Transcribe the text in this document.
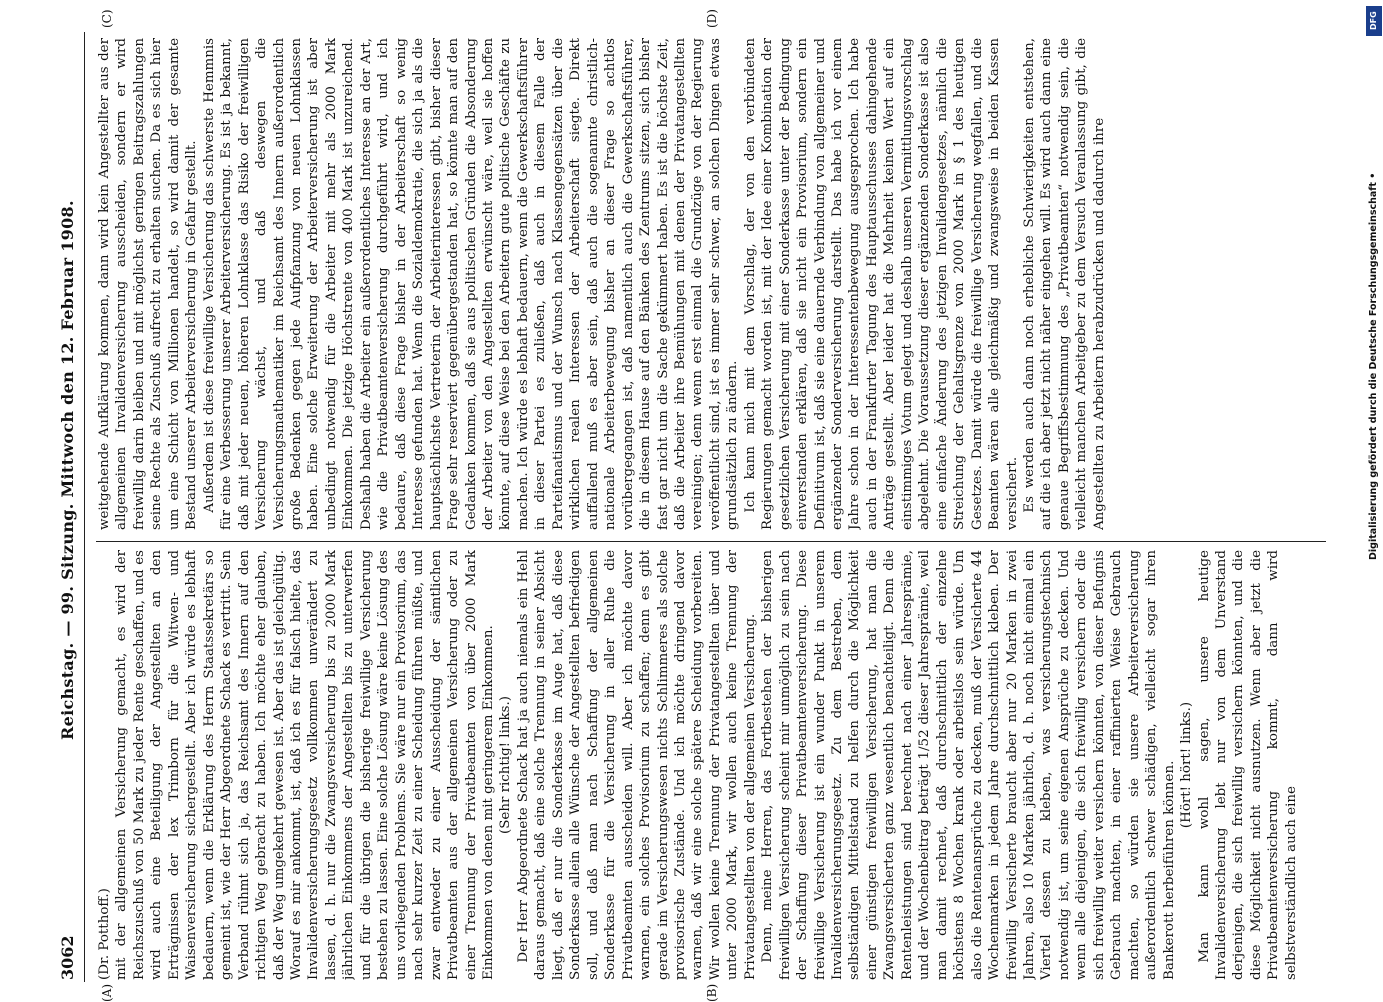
3062
Reichstag. — 99. Sitzung. Mittwoch den 12. Februar 1908.
(A)	(B)

(Dr. Potthoff.) mit der allgemeinen Versicherung gemacht, es wird der Reichszuschuß von 50 Mark zu jeder Rente geschaffen, und es wird auch eine Beteiligung der Angestellten an den Erträgnissen der lex Trimborn für die Witwen- und Waisenversicherung sichergestellt. Aber ich würde es lebhaft bedauern, wenn die Erklärung des Herrn Staatssekretärs so gemeint ist, wie der Herr Abgeordnete Schack es vertritt. Sein Verband rühmt sich ja, das Reichsamt des Innern auf den richtigen Weg gebracht zu haben. Ich möchte eher glauben, daß der Weg umgekehrt gewesen ist. Aber das ist gleichgültig. Worauf es mir ankommt, ist, daß ich es für falsch hielte, das Invalidenversicherungsgesetz vollkommen unverändert zu lassen, d. h. nur die Zwangsversicherung bis zu 2000 Mark jährlichen Einkommens der Angestellten bis zu unterwerfen und für die übrigen die bisherige freiwillige Versicherung bestehen zu lassen. Eine solche Lösung wäre keine Lösung des uns vorliegenden Problems. Sie wäre nur ein Provisorium, das nach sehr kurzer Zeit zu einer Scheidung führen müßte, und zwar entweder zu einer Ausscheidung der sämtlichen Privatbeamten aus der allgemeinen Versicherung oder zu einer Trennung der Privatbeamten von über 2000 Mark Einkommen von denen mit geringerem Einkommen. (Sehr richtig! links.) Der Herr Abgeordnete Schack hat ja auch niemals ein Hehl daraus gemacht, daß eine solche Trennung in seiner Absicht liegt, daß er nur die Sonderkasse im Auge hat, daß diese Sonderkasse allein alle Wünsche der Angestellten befriedigen soll, und daß man nach Schaffung der allgemeinen Sonderkasse für die Versicherung in aller Ruhe die Privatbeamten ausscheiden will. Aber ich möchte davor warnen, ein solches Provisorium zu schaffen; denn es gibt gerade im Versicherungswesen nichts Schlimmeres als solche provisorische Zustände. Und ich möchte dringend davor warnen, daß wir eine solche spätere Scheidung vorbereiten. Wir wollen keine Trennung der Privatangestellten über und unter 2000 Mark, wir wollen auch keine Trennung der Privatangestellten von der allgemeinen Versicherung. Denn, meine Herren, das Fortbestehen der bisherigen freiwilligen Versicherung scheint mir unmöglich zu sein nach der Schaffung dieser Privatbeamtenversicherung. Diese freiwillige Versicherung ist ein wunder Punkt in unserem Invalidenversicherungsgesetz. Zu dem Bestreben, dem selbständigen Mittelstand zu helfen durch die Möglichkeit einer günstigen freiwilligen Versicherung, hat man die Zwangsversicherten ganz wesentlich benachteiligt. Denn die Rentenleistungen sind berechnet nach einer Jahresprämie, und der Wochenbeitrag beträgt 1/52 dieser Jahresprämie, weil man damit rechnet, daß durchschnittlich der einzelne höchstens 8 Wochen krank oder arbeitslos sein würde. Um also die Rentenansprüche zu decken, muß der Versicherte 44 Wochenmarken in jedem Jahre durchschnittlich kleben. Der freiwillig Versicherte braucht aber nur 20 Marken in zwei Jahren, also 10 Marken jährlich, d. h. noch nicht einmal ein Viertel dessen zu kleben, was versicherungstechnisch notwendig ist, um seine eigenen Ansprüche zu decken. Und wenn alle diejenigen, die sich freiwillig versichern oder die sich freiwillig weiter versichern könnten, von dieser Befugnis Gebrauch machten, in einer raffinierten Weise Gebrauch machten, so würden sie unsere Arbeiterversicherung außerordentlich schwer schädigen, vielleicht sogar ihren Bankerott herbeiführen können. (Hört! hört! links.) Man kann wohl sagen, unsere heutige Invalidenversicherung lebt nur von dem Unverstand derjenigen, die sich freiwillig versichern könnten, und die diese Möglichkeit nicht ausnutzen. Wenn aber jetzt die Privatbeamtenversicherung kommt, dann wird selbstverständlich auch eine

(C)	(D)

weitgehende Aufklärung kommen, dann wird kein Angestellter aus der allgemeinen Invalidenversicherung ausscheiden, sondern er wird freiwillig darin bleiben und mit möglichst geringen Beitragszahlungen seine Rechte als Zuschuß aufrecht zu erhalten suchen. Da es sich hier um eine Schicht von Millionen handelt, so wird damit der gesamte Bestand unserer Arbeiterversicherung in Gefahr gestellt. Außerdem ist diese freiwillige Versicherung das schwerste Hemmnis für eine Verbesserung unserer Arbeiterversicherung. Es ist ja bekannt, daß mit jeder neuen, höheren Lohnklasse das Risiko der freiwilligen Versicherung wächst, und daß deswegen die Versicherungsmathematiker im Reichsamt des Innern außerordentlich große Bedenken gegen jede Aufpfanzung von neuen Lohnklassen haben. Eine solche Erweiterung der Arbeiterversicherung ist aber unbedingt notwendig für die Arbeiter mit mehr als 2000 Mark Einkommen. Die jetzige Höchstrente von 400 Mark ist unzureichend. Deshalb haben die Arbeiter ein außerordentliches Interesse an der Art, wie die Privatbeamtenversicherung durchgeführt wird, und ich bedaure, daß diese Frage bisher in der Arbeiterschaft so wenig Interesse gefunden hat. Wenn die Sozialdemokratie, die sich ja als die hauptsächlichste Vertreterin der Arbeiterinteressen gibt, bisher dieser Frage sehr reserviert gegenübergestanden hat, so könnte man auf den Gedanken kommen, daß sie aus politischen Gründen die Absonderung der Arbeiter von den Angestellten erwünscht wäre, weil sie hoffen könnte, auf diese Weise bei den Arbeitern gute politische Geschäfte zu machen. Ich würde es lebhaft bedauern, wenn die Gewerkschaftsführer in dieser Partei es zuließen, daß auch in diesem Falle der Parteifanatismus und der Wunsch nach Klassengegensätzen über die wirklichen realen Interessen der Arbeiterschaft siegte. Direkt auffallend muß es aber sein, daß auch die sogenannte christlich-nationale Arbeiterbewegung bisher an dieser Frage so achtlos vorübergegangen ist, daß namentlich auch die Gewerkschaftsführer, die in diesem Hause auf den Bänken des Zentrums sitzen, sich bisher fast gar nicht um die Sache gekümmert haben. Es ist die höchste Zeit, daß die Arbeiter ihre Bemühungen mit denen der Privatangestellten vereinigen; denn wenn erst einmal die Grundzüge von der Regierung veröffentlicht sind, ist es immer sehr schwer, an solchen Dingen etwas grundsätzlich zu ändern. Ich kann mich mit dem Vorschlag, der von den verbündeten Regierungen gemacht worden ist, mit der Idee einer Kombination der gesetzlichen Versicherung mit einer Sonderkasse unter der Bedingung einverstanden erklären, daß sie nicht ein Provisorium, sondern ein Definitivum ist, daß sie eine dauernde Verbindung von allgemeiner und ergänzender Sonderversicherung darstellt. Das habe ich vor einem Jahre schon in der Interessentenbewegung ausgesprochen. Ich habe auch in der Frankfurter Tagung des Hauptausschusses dahingehende Anträge gestellt. Aber leider hat die Mehrheit keinen Wert auf ein einstimmiges Votum gelegt und deshalb unseren Vermittlungsvorschlag abgelehnt. Die Voraussetzung dieser ergänzenden Sonderkasse ist also eine einfache Änderung des jetzigen Invalidengesetzes, nämlich die Streichung der Gehaltsgrenze von 2000 Mark in § 1 des heutigen Gesetzes. Damit würde die freiwillige Versicherung wegfallen, und die Beamten wären alle gleichmäßig und zwangsweise in beiden Kassen versichert. Es werden auch dann noch erhebliche Schwierigkeiten entstehen, auf die ich aber jetzt nicht näher eingehen will. Es wird auch dann eine genaue Begriffsbestimmung des „Privatbeamten“ notwendig sein, die vielleicht manchen Arbeitgeber zu dem Versuch Veranlassung gibt, die Angestellten zu Arbeitern herabzudrücken und dadurch ihre

DFG
Digitalisierung gefördert durch die Deutsche Forschungsgemeinschaft •
